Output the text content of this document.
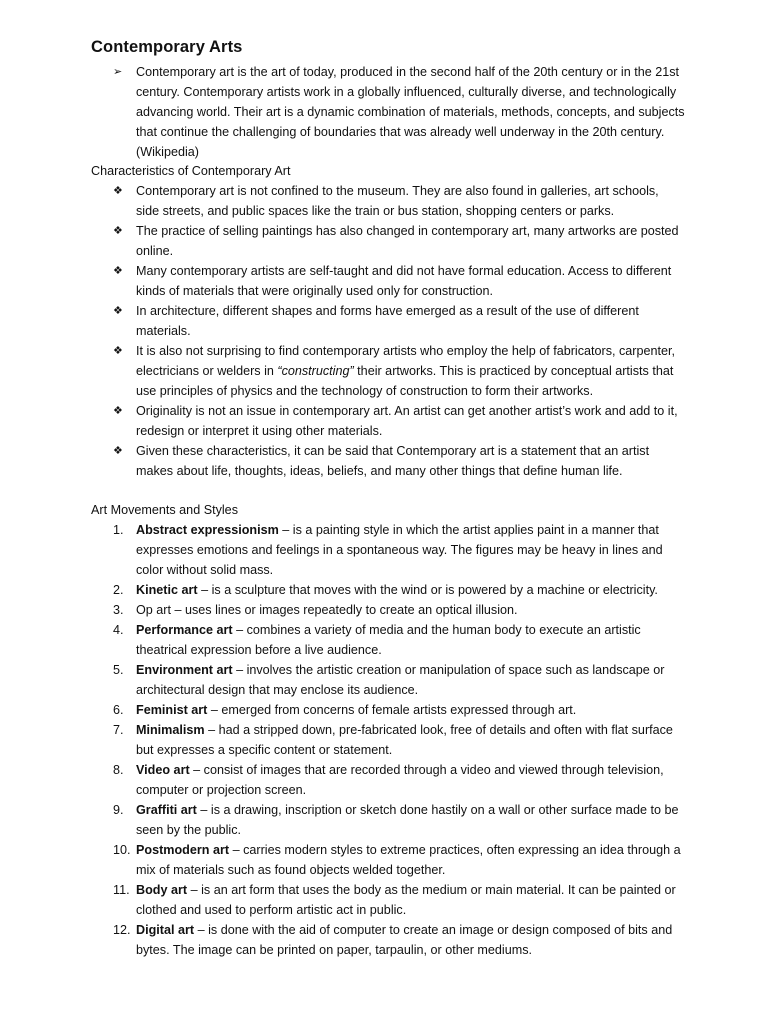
Contemporary Arts
➢	Contemporary art is the art of today, produced in the second half of the 20th century or in the 21st century. Contemporary artists work in a globally influenced, culturally diverse, and technologically advancing world. Their art is a dynamic combination of materials, methods, concepts, and subjects that continue the challenging of boundaries that was already well underway in the 20th century. (Wikipedia)
Characteristics of Contemporary Art
❖	Contemporary art is not confined to the museum. They are also found in galleries, art schools, side streets, and public spaces like the train or bus station, shopping centers or parks.
❖	The practice of selling paintings has also changed in contemporary art, many artworks are posted online.
❖	Many contemporary artists are self-taught and did not have formal education. Access to different kinds of materials that were originally used only for construction.
❖	In architecture, different shapes and forms have emerged as a result of the use of different materials.
❖	It is also not surprising to find contemporary artists who employ the help of fabricators, carpenter, electricians or welders in “constructing” their artworks. This is practiced by conceptual artists that use principles of physics and the technology of construction to form their artworks.
❖	Originality is not an issue in contemporary art. An artist can get another artist’s work and add to it, redesign or interpret it using other materials.
❖	Given these characteristics, it can be said that Contemporary art is a statement that an artist makes about life, thoughts, ideas, beliefs, and many other things that define human life.
Art Movements and Styles
1. Abstract expressionism – is a painting style in which the artist applies paint in a manner that expresses emotions and feelings in a spontaneous way. The figures may be heavy in lines and color without solid mass.
2. Kinetic art – is a sculpture that moves with the wind or is powered by a machine or electricity.
3. Op art – uses lines or images repeatedly to create an optical illusion.
4. Performance art – combines a variety of media and the human body to execute an artistic theatrical expression before a live audience.
5. Environment art – involves the artistic creation or manipulation of space such as landscape or architectural design that may enclose its audience.
6. Feminist art – emerged from concerns of female artists expressed through art.
7. Minimalism – had a stripped down, pre-fabricated look, free of details and often with flat surface but expresses a specific content or statement.
8. Video art – consist of images that are recorded through a video and viewed through television, computer or projection screen.
9. Graffiti art – is a drawing, inscription or sketch done hastily on a wall or other surface made to be seen by the public.
10. Postmodern art – carries modern styles to extreme practices, often expressing an idea through a mix of materials such as found objects welded together.
11. Body art – is an art form that uses the body as the medium or main material. It can be painted or clothed and used to perform artistic act in public.
12. Digital art – is done with the aid of computer to create an image or design composed of bits and bytes. The image can be printed on paper, tarpaulin, or other mediums.
